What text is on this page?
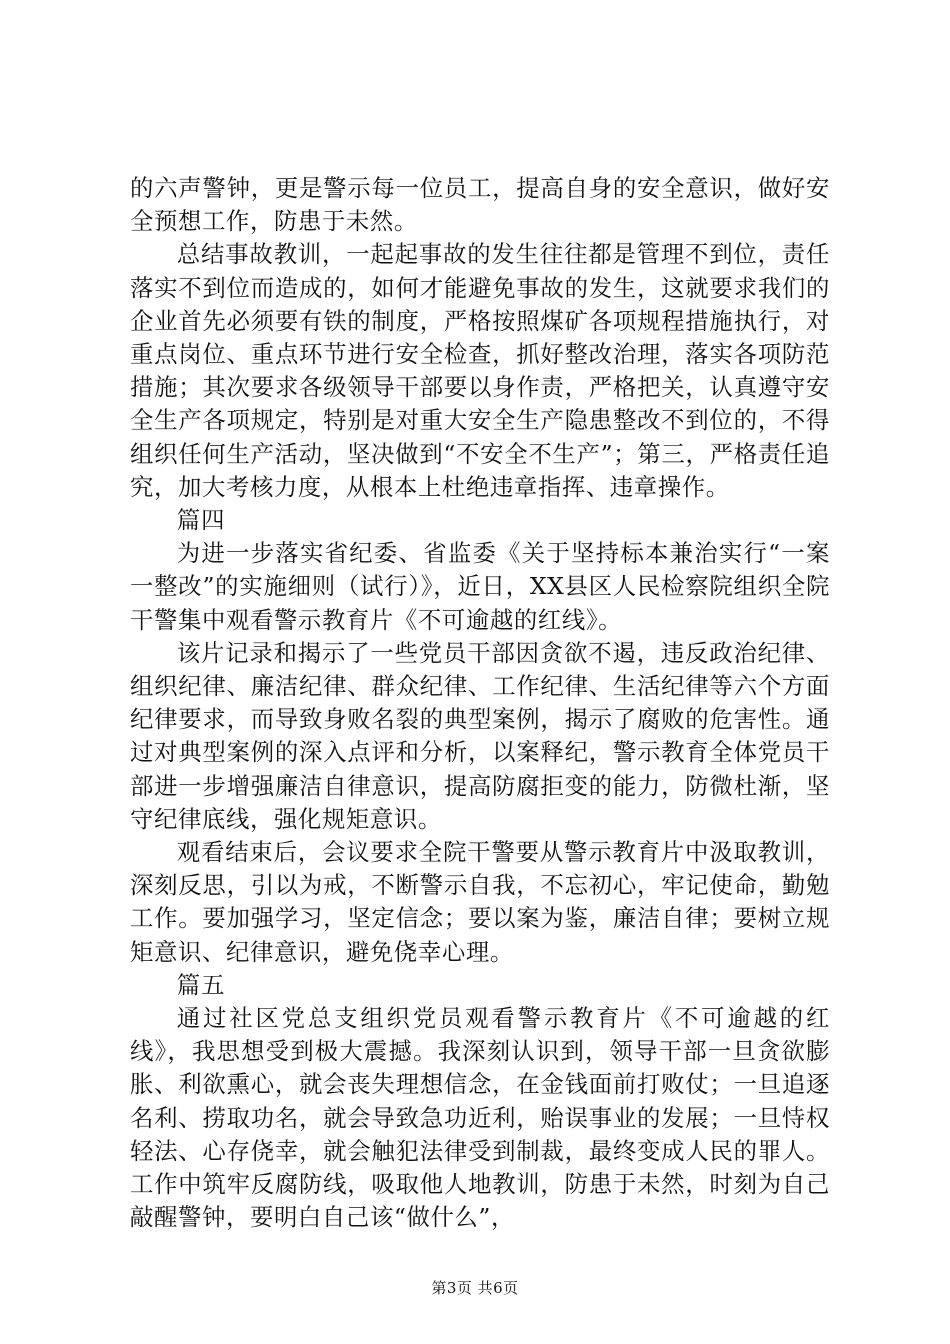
的六声警钟，更是警示每一位员工，提高自身的安全意识，做好安全预想工作，防患于未然。

总结事故教训，一起起事故的发生往往都是管理不到位，责任落实不到位而造成的，如何才能避免事故的发生，这就要求我们的企业首先必须要有铁的制度，严格按照煤矿各项规程措施执行，对重点岗位、重点环节进行安全检查，抓好整改治理，落实各项防范措施；其次要求各级领导干部要以身作责，严格把关，认真遵守安全生产各项规定，特别是对重大安全生产隐患整改不到位的，不得组织任何生产活动，坚决做到“不安全不生产”；第三，严格责任追究，加大考核力度，从根本上杜绝违章指挥、违章操作。

篇四

为进一步落实省纪委、省监委《关于坚持标本兼治实行“一案一整改”的实施细则（试行）》，近日，XX县区人民检察院组织全院干警集中观看警示教育片《不可逾越的红线》。

该片记录和揭示了一些党员干部因贪欲不遏，违反政治纪律、组织纪律、廉洁纪律、群众纪律、工作纪律、生活纪律等六个方面纪律要求，而导致身败名裂的典型案例，揭示了腐败的危害性。通过对典型案例的深入点评和分析，以案释纪，警示教育全体党员干部进一步增强廉洁自律意识，提高防腐拒变的能力，防微杜渐，坚守纪律底线，强化规矩意识。

观看结束后，会议要求全院干警要从警示教育片中汲取教训，深刻反思，引以为戒，不断警示自我，不忘初心，牢记使命，勤勉工作。要加强学习，坚定信念；要以案为鉴，廉洁自律；要树立规矩意识、纪律意识，避免侥幸心理。

篇五

通过社区党总支组织党员观看警示教育片《不可逾越的红线》，我思想受到极大震撼。我深刻认识到，领导干部一旦贪欲膨胀、利欲熏心，就会丧失理想信念，在金钱面前打败仗；一旦追逐名利、捞取功名，就会导致急功近利，贻误事业的发展；一旦恃权轻法、心存侥幸，就会触犯法律受到制裁，最终变成人民的罪人。工作中筑牢反腐防线，吸取他人地教训，防患于未然，时刻为自己敲醒警钟，要明白自己该“做什么”，

第3页 共6页
